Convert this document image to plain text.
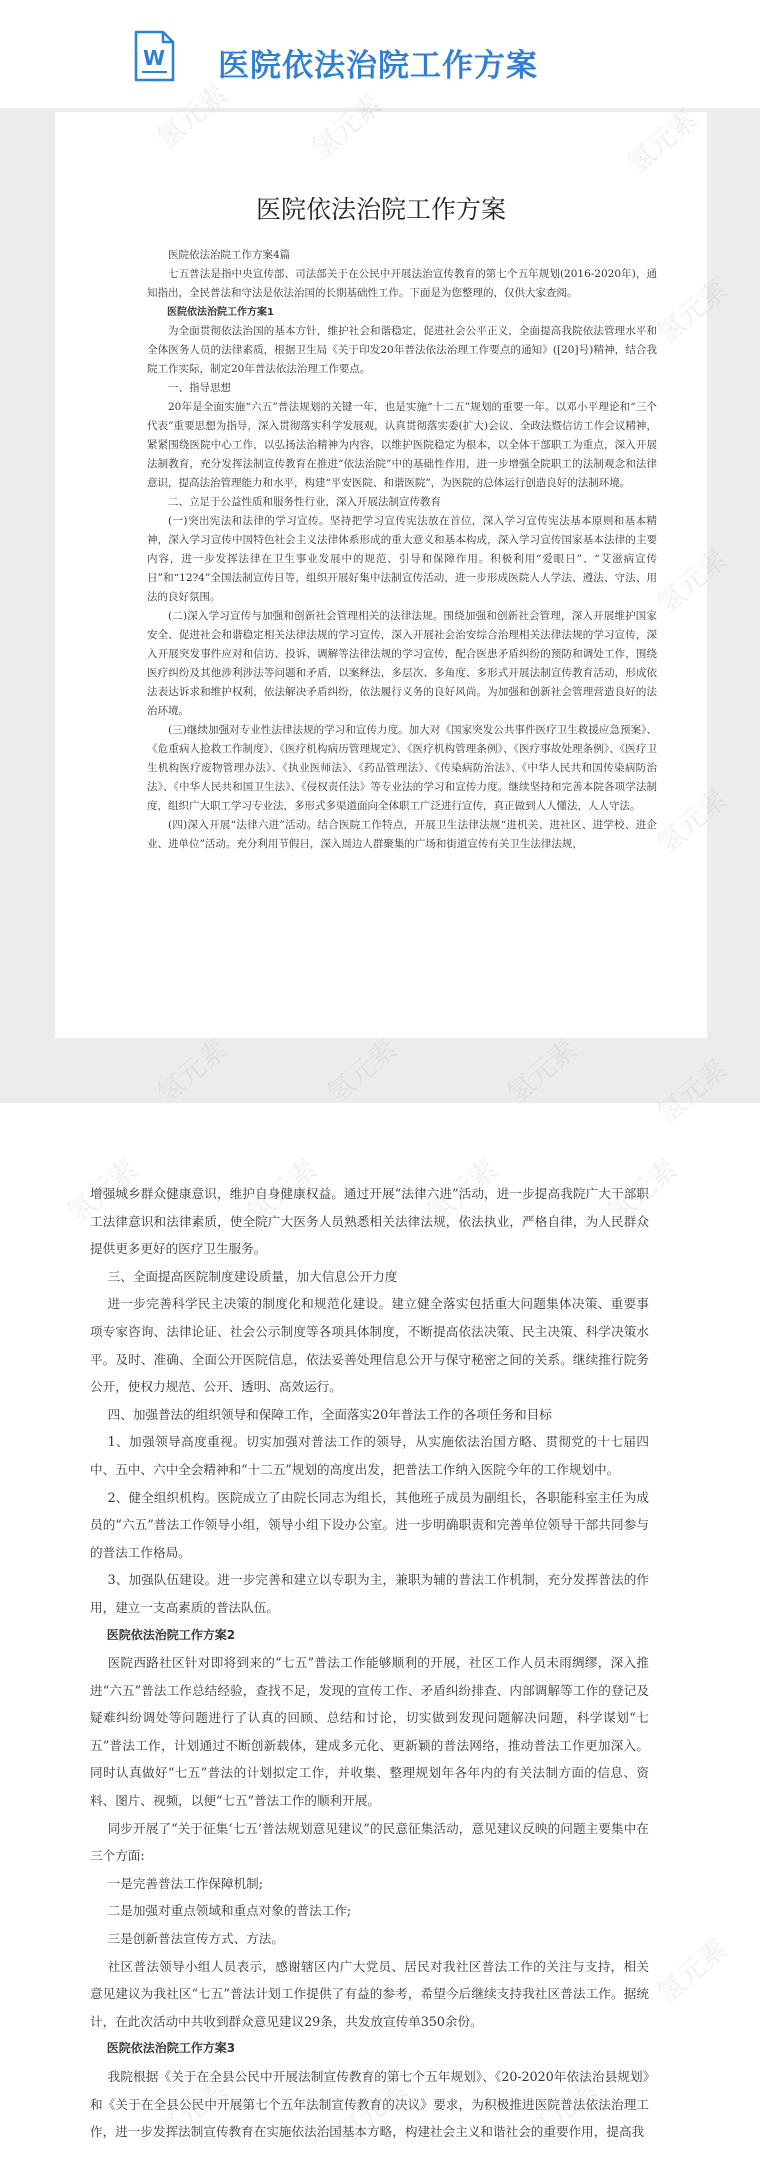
W 医院依法治院工作方案
医院依法治院工作方案

医院依法治院工作方案4篇

七五普法是指中央宣传部、司法部关于在公民中开展法治宣传教育的第七个五年规划(2016-2020年)，通知指出，全民普法和守法是依法治国的长期基础性工作。下面是为您整理的，仅供大家查阅。

医院依法治院工作方案1

为全面贯彻依法治国的基本方针，维护社会和谐稳定，促进社会公平正义，全面提高我院依法管理水平和全体医务人员的法律素质，根据卫生局《关于印发20年普法依法治理工作要点的通知》([20]号)精神，结合我院工作实际，制定20年普法依法治理工作要点。

一、指导思想

20年是全面实施“六五”普法规划的关键一年，也是实施“十二五”规划的重要一年。以邓小平理论和“三个代表”重要思想为指导，深入贯彻落实科学发展观，认真贯彻落实委(扩大)会议、全政法暨信访工作会议精神，紧紧围绕医院中心工作，以弘扬法治精神为内容，以维护医院稳定为根本，以全体干部职工为重点，深入开展法制教育，充分发挥法制宣传教育在推进“依法治院”中的基础性作用，进一步增强全院职工的法制观念和法律意识，提高法治管理能力和水平，构建“平安医院、和谐医院”，为医院的总体运行创造良好的法制环境。

二、立足于公益性质和服务性行业，深入开展法制宣传教育

(一)突出宪法和法律的学习宣传。坚持把学习宣传宪法放在首位，深入学习宣传宪法基本原则和基本精神，深入学习宣传中国特色社会主义法律体系形成的重大意义和基本构成，深入学习宣传国家基本法律的主要内容，进一步发挥法律在卫生事业发展中的规范、引导和保障作用。积极利用“爱眼日”、“艾滋病宣传日”和“12?4”全国法制宣传日等，组织开展好集中法制宣传活动，进一步形成医院人人学法、遵法、守法、用法的良好氛围。

(二)深入学习宣传与加强和创新社会管理相关的法律法规。围绕加强和创新社会管理，深入开展维护国家安全、促进社会和谐稳定相关法律法规的学习宣传，深入开展社会治安综合治理相关法律法规的学习宣传，深入开展突发事件应对和信访、投诉、调解等法律法规的学习宣传，配合医患矛盾纠纷的预防和调处工作，围绕医疗纠纷及其他涉利涉法等问题和矛盾，以案释法，多层次、多角度、多形式开展法制宣传教育活动，形成依法表达诉求和维护权利，依法解决矛盾纠纷，依法履行义务的良好风尚。为加强和创新社会管理营造良好的法治环境。

(三)继续加强对专业性法律法规的学习和宣传力度。加大对《国家突发公共事件医疗卫生救援应急预案》、《危重病人抢救工作制度》、《医疗机构病历管理规定》、《医疗机构管理条例》、《医疗事故处理条例》、《医疗卫生机构医疗废物管理办法》、《执业医师法》、《药品管理法》、《传染病防治法》、《中华人民共和国传染病防治法》、《中华人民共和国卫生法》、《侵权责任法》等专业法的学习和宣传力度。继续坚持和完善本院各项学法制度，组织广大职工学习专业法，多形式多渠道面向全体职工广泛进行宣传，真正做到人人懂法，人人守法。

(四)深入开展“法律六进”活动。结合医院工作特点，开展卫生法律法规“进机关、进社区、进学校、进企业、进单位”活动。充分利用节假日，深入周边人群聚集的广场和街道宣传有关卫生法律法规，

增强城乡群众健康意识，维护自身健康权益。通过开展“法律六进”活动，进一步提高我院广大干部职工法律意识和法律素质，使全院广大医务人员熟悉相关法律法规，依法执业，严格自律，为人民群众提供更多更好的医疗卫生服务。

三、全面提高医院制度建设质量，加大信息公开力度

进一步完善科学民主决策的制度化和规范化建设。建立健全落实包括重大问题集体决策、重要事项专家咨询、法律论证、社会公示制度等各项具体制度，不断提高依法决策、民主决策、科学决策水平。及时、准确、全面公开医院信息，依法妥善处理信息公开与保守秘密之间的关系。继续推行院务公开，使权力规范、公开、透明、高效运行。

四、加强普法的组织领导和保障工作，全面落实20年普法工作的各项任务和目标

1、加强领导高度重视。切实加强对普法工作的领导，从实施依法治国方略、贯彻党的十七届四中、五中、六中全会精神和“十二五”规划的高度出发，把普法工作纳入医院今年的工作规划中。

2、健全组织机构。医院成立了由院长同志为组长，其他班子成员为副组长，各职能科室主任为成员的“六五”普法工作领导小组，领导小组下设办公室。进一步明确职责和完善单位领导干部共同参与的普法工作格局。

3、加强队伍建设。进一步完善和建立以专职为主，兼职为辅的普法工作机制，充分发挥普法的作用，建立一支高素质的普法队伍。

医院依法治院工作方案2

医院西路社区针对即将到来的“七五”普法工作能够顺利的开展，社区工作人员未雨绸缪，深入推进“六五”普法工作总结经验，查找不足，发现的宣传工作、矛盾纠纷排查、内部调解等工作的登记及疑难纠纷调处等问题进行了认真的回顾、总结和讨论，切实做到发现问题解决问题，科学谋划“七五”普法工作，计划通过不断创新载体，建成多元化、更新颖的普法网络，推动普法工作更加深入。同时认真做好“七五”普法的计划拟定工作，并收集、整理规划年各年内的有关法制方面的信息、资料、图片、视频，以便“七五”普法工作的顺利开展。

同步开展了“关于征集‘七五’普法规划意见建议”的民意征集活动，意见建议反映的问题主要集中在三个方面:

一是完善普法工作保障机制;

二是加强对重点领域和重点对象的普法工作;

三是创新普法宣传方式、方法。

社区普法领导小组人员表示，感谢辖区内广大党员、居民对我社区普法工作的关注与支持，相关意见建议为我社区“七五”普法计划工作提供了有益的参考，希望今后继续支持我社区普法工作。据统计，在此次活动中共收到群众意见建议29条，共发放宣传单350余份。

医院依法治院工作方案3

我院根据《关于在全县公民中开展法制宣传教育的第七个五年规划》、《20-2020年依法治县规划》和《关于在全县公民中开展第七个五年法制宣传教育的决议》要求，为积极推进医院普法依法治理工作，进一步发挥法制宣传教育在实施依法治国基本方略，构建社会主义和谐社会的重要作用，提高我
